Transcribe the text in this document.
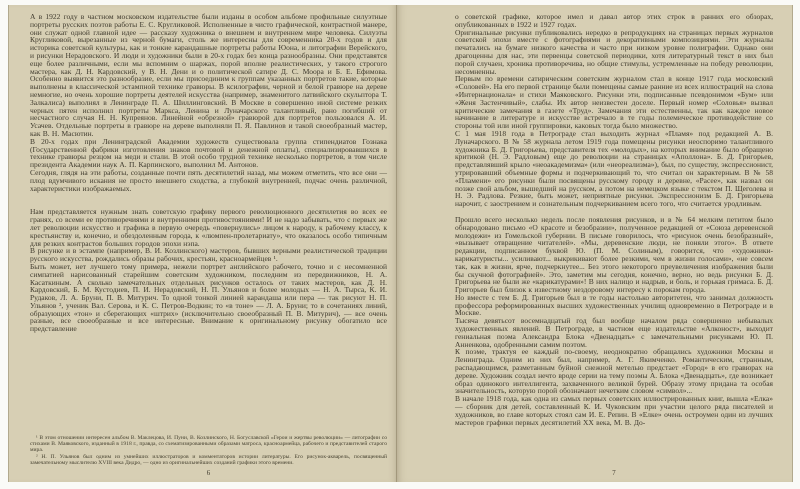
А в 1922 году в частном московском издательстве были изданы в особом альбоме профильные силуэтные портреты русских поэтов работы Е. С. Кругликовой. Исполненные в чисто графической, контрастной манере, они служат одной главной идее — рассказу художника о внешнем и внутреннем мире человека. Силуэты Кругликовой, вырезанные из черной бумаги, столь же интересны для современника 20-х годов и для историка советской культуры, как и тонкие карандашные портреты работы Юона, и литографии Верейского, и рисунки Нерадовского. И люди и художники были в 20-х годах без конца разнообразны. Они представятся еще более различными, если мы вспомним о шаржах, порой вполне реалистических, у такого строгого мастера, как Д. Н. Кардовский, у В. Н. Дени и о политической сатире Д. С. Моора и Б. Е. Ефимова. Особенно выявится это разнообразие, если мы присоединим к группам указанных портретов такие, которые выполнены в классической эстампной технике гравюры. В ксилографии, черной и белой гравюре на дереве немногие, но очень хорошие портреты деятелей искусства (например, знаменитого латвийского скульптора Т. Залкалиса) выполнял в Ленинграде П. А. Шиллинговский. В Москве в совершенно иной системе резких черных пятен исполнил портреты Маркса, Ленина и Луначарского талантливый, рано погибший от несчастного случая Н. Н. Купреянов. Линейной «обрезной» гравюрой для портретов пользовался А. И. Усачев. Отдельные портреты в гравюре на дереве выполняли П. Я. Павлинов и такой своеобразный мастер, как В. Н. Масютин.

В 20-х годах при Ленинградской Академии художеств существовала группа стипендиатов Гознака (Государственной фабрики изготовления знаков почтовой и денежной оплаты), специализировавшихся в технике гравюры резцом на меди и стали. В этой особо трудной технике несколько портретов, в том числе президента Академии наук А. П. Карпинского, выполнил М. Антонов.

Сегодня, глядя на эти работы, созданные почти пять десятилетий назад, мы можем отметить, что все они — плод вдумчивого искания не просто внешнего сходства, а глубокой внутренней, подчас очень различной, характеристики изображаемых.

Нам представляется нужным знать советскую графику первого революционного десятилетия во всех ее гранях, со всеми ее противоречиями и внутренними противостояниями! И не надо забывать, что с первых же лет революции искусство и графика в первую очередь «повернулись» лицом к народу, к рабочему классу, к крестьянству и, конечно, и обездоленным города, к «люмпен-пролетариату», что оказалось особо типичным для резких контрастов больших городов эпохи нэпа.

В рисунке и в эстампе (например, В. И. Козлинского) мастеров, бывших верными реалистической традиции русского искусства, рождались образы рабочих, крестьян, красноармейцев ¹.

Быть может, нет лучшего тому примера, нежели портрет английского рабочего, точно и с несомненной симпатией нарисованный старейшим советским художником, последним из передвижников, Н. А. Касаткиным. А сколько замечательных отдельных рисунков осталось от таких мастеров, как Д. Н. Кардовский, Б. М. Кустодиев, П. И. Нерадовский, Н. П. Ульянов и более молодых — Н. А. Тырса, К. И. Рудаков, Л. А. Бруни, П. В. Митурич. То одной тонкой линией карандаша или пера — так рисуют Н. П. Ульянов ², ученик Вал. Серова, и К. С. Петров-Водкин; то «в тоне» — Л. А. Бруни; то в сочетаниях линий, образующих «тон» и сберегающих «штрих» (исключительно своеобразный П. В. Митурич), — все очень разные, все своеобразные и все интересные. Внимание к оригинальному рисунку обогатило все представление

¹ В этом отношении интересен альбом В. Маклецова, И. Пуни, В. Козлинского, Н. Богуславской «Герои и жертвы революции» — литографии со стихами В. Маяковского, изданный в 1918 г., правда, со схематизированными образами матроса, красноармейца, рабочего и представителей старого мира.

² Н. П. Ульянов был одним из умнейших иллюстраторов и комментаторов истории литературы. Его рисунок-акварель, посвященный замечательному мыслителю XVIII века Дидро, — одно из оригинальнейших созданий графики этого времени.

6

о советской графике, которое имел и давал автор этих строк в ранних его обзорах, опубликованных в 1922 и 1927 годах.

Оригинальные рисунки публиковались нередко в репродукциях на страницах первых журналов советской эпохи вместе с фотографиями и декоративными композициями. Эти журналы печатались на бумаге низкого качества и часто при низком уровне полиграфии. Однако они драгоценны для нас, эти первенцы советской периодики, хотя литературный текст в них был порой случаен, хроника противоречива, но общие стимулы, устремленные на победу революции, несомненны.

Первым по времени сатирическим советским журналом стал в конце 1917 года московский «Соловей». На его первой странице были помещены самые ранние из всех иллюстраций на слова «Интернационала» и стихи Маяковского. Рисунки эти, подписанные псевдонимом «Бум» или «Женя Застенчивый», слабы. Их автор неизвестен доселе. Первый номер «Соловья» вызвал критические замечания в газете «Труд». Замечания эти естественны, так как каждое новое начинание в литературе и искусстве встречало в те годы полемическое противодействие со стороны той или иной группировки, каковых тогда было множество.

С 1 мая 1918 года в Петрограде стал выходить журнал «Пламя» под редакцией А. В. Луначарского. В № 58 журнала летом 1919 года помещены рисунки неоспоримо талантливого художника Б. Д. Григорьева, представителя тех «молодых», на которых внимание было обращено критикой (Н. Э. Радловым) еще до революции на страницах «Аполлона». Б. Д. Григорьев, представлявший крыло «неоакадемизма» (или «неореализма»), был, по существу, экспрессионист, утрировавший объемные формы и подчеркивающий то, что считал он характерным. В № 58 «Пламени» его рисунки были посвящены русскому городу и деревне, «Расее», как назвал он позже свой альбом, вышедший на русском, а потом на немецком языке с текстом П. Щеголева и Н. Э. Радлова. Резкие, быть может, неприятные рисунки. Экспрессионизм Б. Д. Григорьева нарочит, с заострением и сознательным подчеркиванием всего того, что считается уродливым.

Прошло всего несколько недель после появления рисунков, и в № 64 мелким петитом было обнародовано письмо «О красоте и безобразии», полученное редакцией от «Союза деревенской молодежи» из Гомельской губернии. В письме говорилось, что «рисунок очень безобразный», «вызывает отвращение читателей». «Мы, деревенские люди, не поняли этого». В ответе редакции, подписанном буквой Ю. (П. М. Солиным), говорится, что «художники-карикатуристы... усиливают... выкрикивают более резкими, чем в жизни голосами», «не совсем так, как в жизни, ярче, подчеркнутее... Без этого некоторого преувеличения изображения были бы скучной фотографией». Это, заметим мы сегодня, конечно, верно, но ведь рисунки Б. Д. Григорьева не были же «карикатурами»! В них налицо и надрыв, и боль, и горькая гримаса. Б. Д. Григорьев был близок к известному нездоровому интересу к порокам города.

Но вместе с тем Б. Д. Григорьев был в те годы настолько авторитетен, что занимал должность профессора реформированных высших художественных училищ одновременно в Петрограде и в Москве.

Тысяча девятьсот восемнадцатый год был вообще началом ряда совершенно небывалых художественных явлений. В Петрограде, в частном еще издательстве «Алконост», выходит гениальная поэма Александра Блока «Двенадцать» с замечательными рисунками Ю. П. Анненкова, одобренными самим поэтом.

К поэме, трактуя ее каждый по-своему, неоднократно обращались художники Москвы и Ленинграда. Одним из них был, например, А. Г. Якимченко. Романтическим, странным, распадающимся, разметанным буйной снежной метелью предстает «Город» в его гравюрах на дереве. Художник создал нечто вроде серии на тему поэмы А. Блока «Двенадцать», где возникает образ одинокого интеллигента, захваченного великой бурей. Образу этому придана та особая значительность, которую порой обозначают нечетким словом «символ»...

В начале 1918 года, как одна из самых первых советских иллюстрированных книг, вышла «Елка» — сборник для детей, составленный К. И. Чуковским при участии целого ряда писателей и художников, во главе которых стоял сам И. Е. Репин. В «Елке» очень остроумен один из лучших мастеров графики первых десятилетий XX века, М. В. До-

7
